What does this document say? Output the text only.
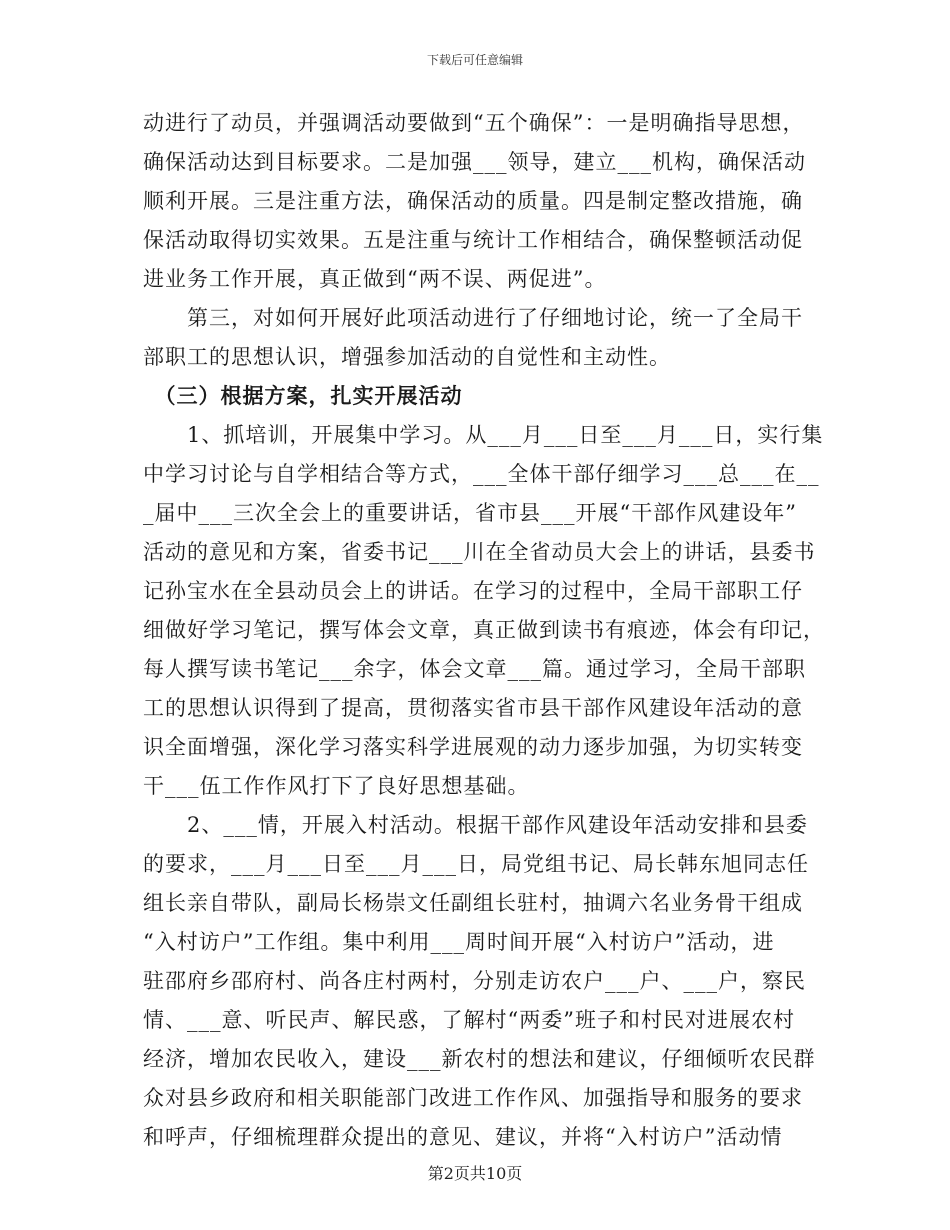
下载后可任意编辑
动进行了动员，并强调活动要做到“五个确保”：一是明确指导思想，
确保活动达到目标要求。二是加强___领导，建立___机构，确保活动
顺利开展。三是注重方法，确保活动的质量。四是制定整改措施，确
保活动取得切实效果。五是注重与统计工作相结合，确保整顿活动促
进业务工作开展，真正做到“两不误、两促进”。
　　第三，对如何开展好此项活动进行了仔细地讨论，统一了全局干
部职工的思想认识，增强参加活动的自觉性和主动性。
　（三）根据方案，扎实开展活动
　　1、抓培训，开展集中学习。从___月___日至___月___日，实行集
中学习讨论与自学相结合等方式，___全体干部仔细学习___总___在__
_届中___三次全会上的重要讲话，省市县___开展“干部作风建设年”
活动的意见和方案，省委书记___川在全省动员大会上的讲话，县委书
记孙宝水在全县动员会上的讲话。在学习的过程中，全局干部职工仔
细做好学习笔记，撰写体会文章，真正做到读书有痕迹，体会有印记，
每人撰写读书笔记___余字，体会文章___篇。通过学习，全局干部职
工的思想认识得到了提高，贯彻落实省市县干部作风建设年活动的意
识全面增强，深化学习落实科学进展观的动力逐步加强，为切实转变
干___伍工作作风打下了良好思想基础。
　　2、___情，开展入村活动。根据干部作风建设年活动安排和县委
的要求，___月___日至___月___日，局党组书记、局长韩东旭同志任
组长亲自带队，副局长杨崇文任副组长驻村，抽调六名业务骨干组成
“入村访户”工作组。集中利用___周时间开展“入村访户”活动，进
驻邵府乡邵府村、尚各庄村两村，分别走访农户___户、___户，察民
情、___意、听民声、解民惑，了解村“两委”班子和村民对进展农村
经济，增加农民收入，建设___新农村的想法和建议，仔细倾听农民群
众对县乡政府和相关职能部门改进工作作风、加强指导和服务的要求
和呼声，仔细梳理群众提出的意见、建议，并将“入村访户”活动情
第2页共10页
